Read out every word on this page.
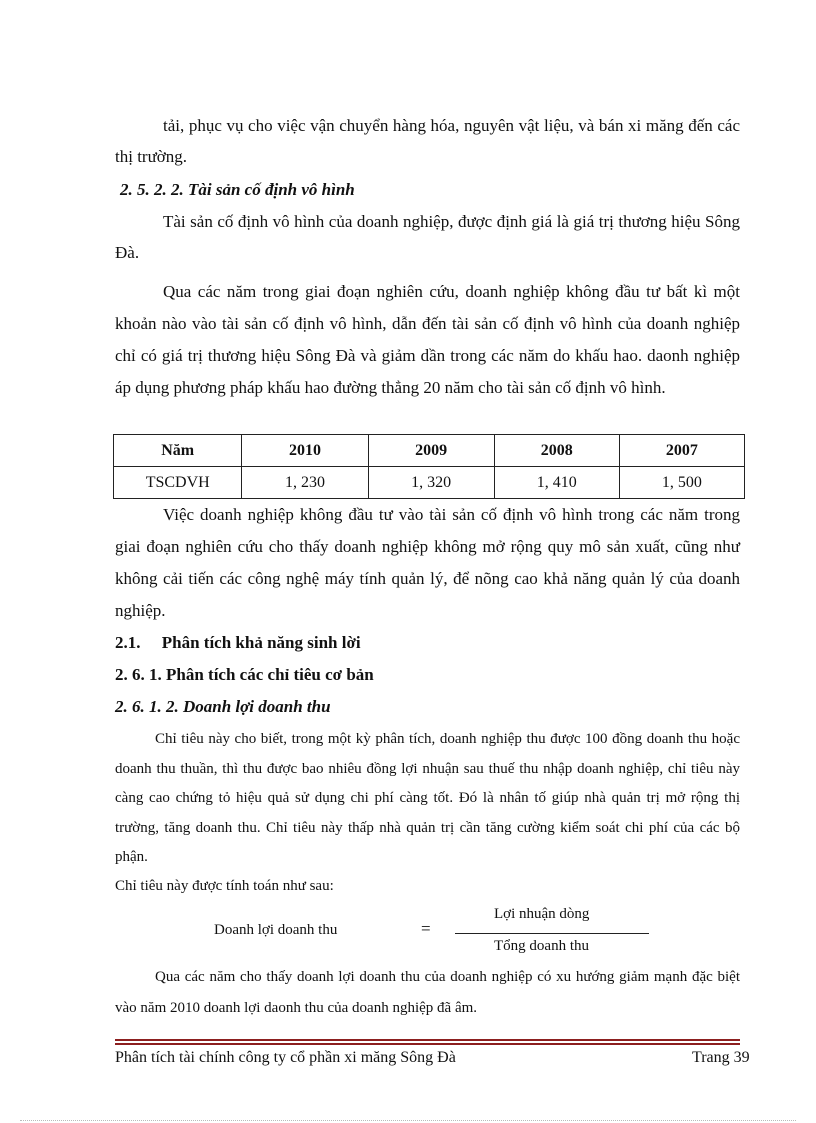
tải, phục vụ cho việc vận chuyển hàng hóa, nguyên vật liệu, và bán xi măng đến các thị trường.

2. 5. 2. 2. Tài sản cố định vô hình

Tài sản cố định vô hình của doanh nghiệp, được định giá là giá trị thương hiệu Sông Đà.

Qua các năm trong giai đoạn nghiên cứu, doanh nghiệp không đầu tư bất kì một khoản nào vào tài sản cố định vô hình, dẫn đến tài sản cố định vô hình của doanh nghiệp chỉ có giá trị thương hiệu Sông Đà và giảm dần trong các năm do khấu hao. daonh nghiệp áp dụng phương pháp khấu hao đường thẳng 20 năm cho tài sản cố định vô hình.

Năm	2010	2009	2008	2007
TSCDVH	1, 230	1, 320	1, 410	1, 500

Việc doanh nghiệp không đầu tư vào tài sản cố định vô hình trong các năm trong giai đoạn nghiên cứu cho thấy doanh nghiệp không mở rộng quy mô sản xuất, cũng như không cải tiến các công nghệ máy tính quản lý, để nõng cao khả năng quản lý của doanh nghiệp.

2.1.     Phân tích khả năng sinh lời

2. 6. 1. Phân tích các chỉ tiêu cơ bản

2. 6. 1. 2. Doanh lợi doanh thu

Chỉ tiêu này cho biết, trong một kỳ phân tích, doanh nghiệp thu được 100 đồng doanh thu hoặc doanh thu thuần, thì thu được bao nhiêu đồng lợi nhuận sau thuế thu nhập doanh nghiệp, chỉ tiêu này càng cao chứng tỏ hiệu quả sử dụng chi phí càng tốt. Đó là nhân tố giúp nhà quản trị mở rộng thị trường, tăng doanh thu. Chỉ tiêu này thấp nhà quản trị cần tăng cường kiểm soát chi phí của các bộ phận.

Chỉ tiêu này được tính toán như sau:

Doanh lợi doanh thu	=
Lợi nhuận dòng
Tổng doanh thu

Qua các năm cho thấy doanh lợi doanh thu của doanh nghiệp có xu hướng giảm mạnh đặc biệt vào năm 2010 doanh lợi daonh thu của doanh nghiệp đã âm.

Phân tích tài chính công ty cổ phần xi măng Sông Đà	Trang 39
